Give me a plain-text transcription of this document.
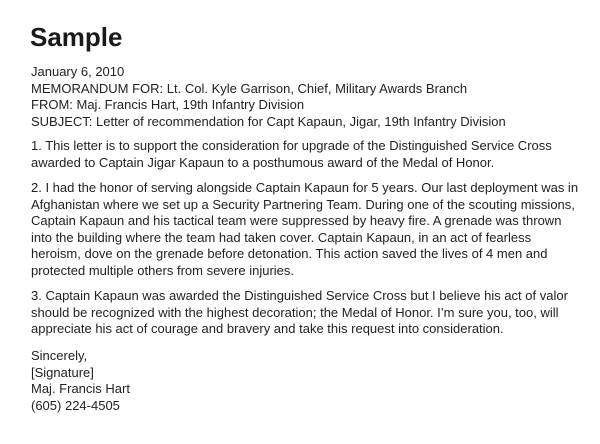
Sample
January 6, 2010
MEMORANDUM FOR: Lt. Col. Kyle Garrison, Chief, Military Awards Branch
FROM: Maj. Francis Hart, 19th Infantry Division
SUBJECT: Letter of recommendation for Capt Kapaun, Jigar, 19th Infantry Division
1. This letter is to support the consideration for upgrade of the Distinguished Service Cross
awarded to Captain Jigar Kapaun to a posthumous award of the Medal of Honor.
2. I had the honor of serving alongside Captain Kapaun for 5 years. Our last deployment was in
Afghanistan where we set up a Security Partnering Team. During one of the scouting missions,
Captain Kapaun and his tactical team were suppressed by heavy fire. A grenade was thrown
into the building where the team had taken cover. Captain Kapaun, in an act of fearless
heroism, dove on the grenade before detonation. This action saved the lives of 4 men and
protected multiple others from severe injuries.
3. Captain Kapaun was awarded the Distinguished Service Cross but I believe his act of valor
should be recognized with the highest decoration; the Medal of Honor. I’m sure you, too, will
appreciate his act of courage and bravery and take this request into consideration.
Sincerely,
[Signature]
Maj. Francis Hart
(605) 224-4505
